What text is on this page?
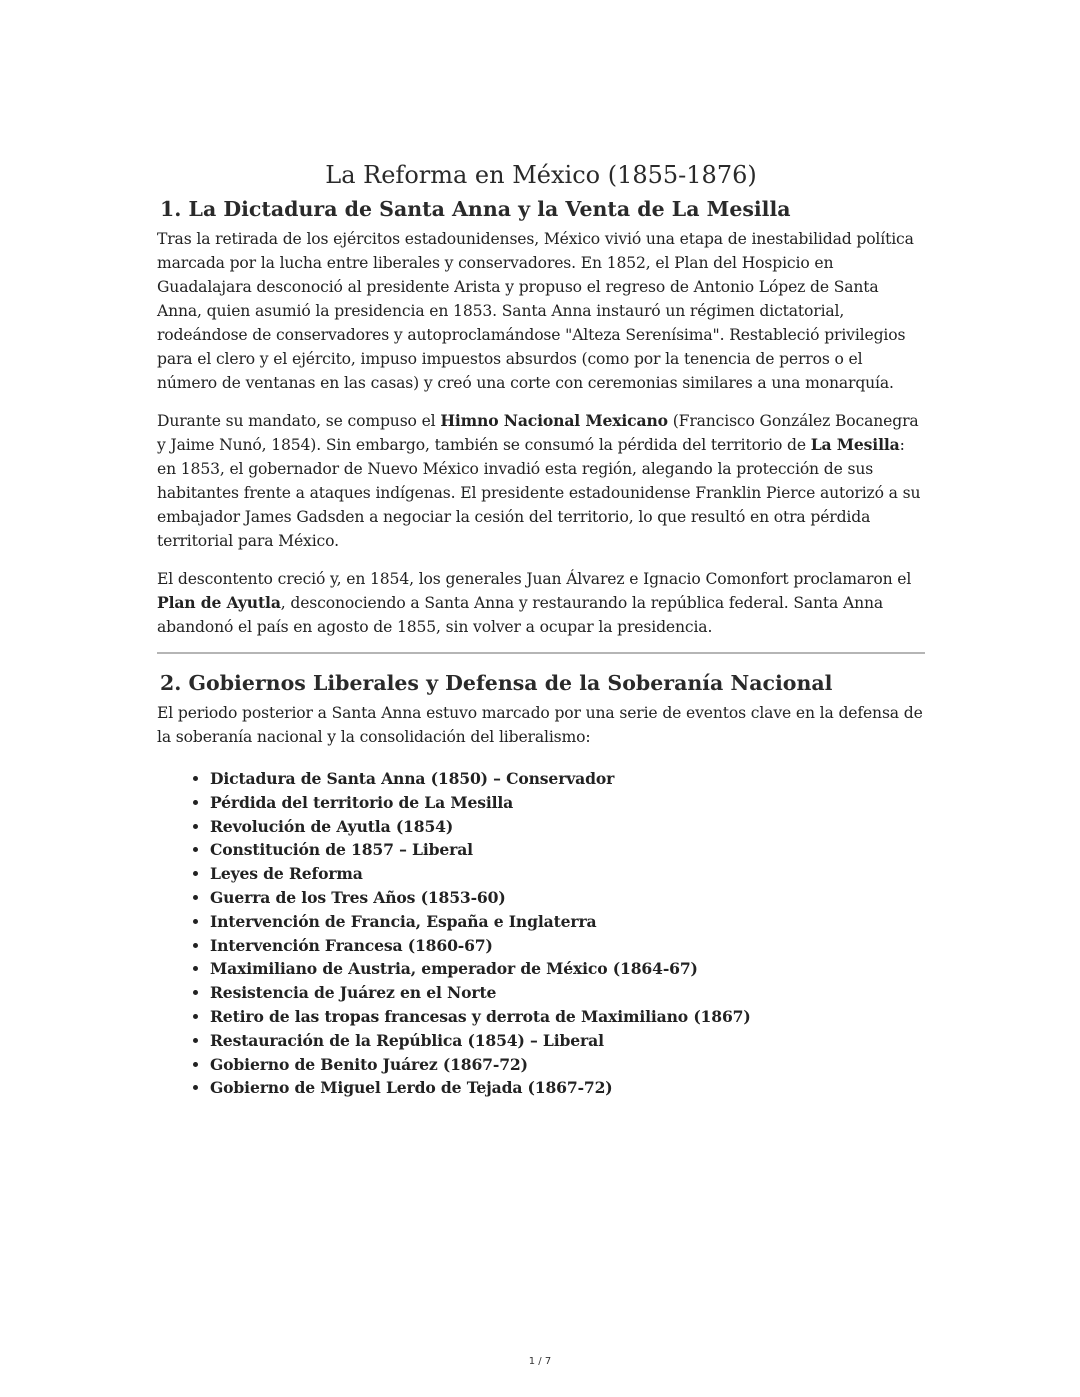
La Reforma en México (1855-1876)
1. La Dictadura de Santa Anna y la Venta de La Mesilla

Tras la retirada de los ejércitos estadounidenses, México vivió una etapa de inestabilidad política marcada por la lucha entre liberales y conservadores. En 1852, el Plan del Hospicio en Guadalajara desconoció al presidente Arista y propuso el regreso de Antonio López de Santa Anna, quien asumió la presidencia en 1853. Santa Anna instauró un régimen dictatorial, rodeándose de conservadores y autoproclamándose "Alteza Serenísima". Restableció privilegios para el clero y el ejército, impuso impuestos absurdos (como por la tenencia de perros o el número de ventanas en las casas) y creó una corte con ceremonias similares a una monarquía.

Durante su mandato, se compuso el Himno Nacional Mexicano (Francisco González Bocanegra y Jaime Nunó, 1854). Sin embargo, también se consumó la pérdida del territorio de La Mesilla: en 1853, el gobernador de Nuevo México invadió esta región, alegando la protección de sus habitantes frente a ataques indígenas. El presidente estadounidense Franklin Pierce autorizó a su embajador James Gadsden a negociar la cesión del territorio, lo que resultó en otra pérdida territorial para México.

El descontento creció y, en 1854, los generales Juan Álvarez e Ignacio Comonfort proclamaron el Plan de Ayutla, desconociendo a Santa Anna y restaurando la república federal. Santa Anna abandonó el país en agosto de 1855, sin volver a ocupar la presidencia.

2. Gobiernos Liberales y Defensa de la Soberanía Nacional

El periodo posterior a Santa Anna estuvo marcado por una serie de eventos clave en la defensa de la soberanía nacional y la consolidación del liberalismo:

• Dictadura de Santa Anna (1850) – Conservador
• Pérdida del territorio de La Mesilla
• Revolución de Ayutla (1854)
• Constitución de 1857 – Liberal
• Leyes de Reforma
• Guerra de los Tres Años (1853-60)
• Intervención de Francia, España e Inglaterra
• Intervención Francesa (1860-67)
• Maximiliano de Austria, emperador de México (1864-67)
• Resistencia de Juárez en el Norte
• Retiro de las tropas francesas y derrota de Maximiliano (1867)
• Restauración de la República (1854) – Liberal
• Gobierno de Benito Juárez (1867-72)
• Gobierno de Miguel Lerdo de Tejada (1867-72)
1 / 7
